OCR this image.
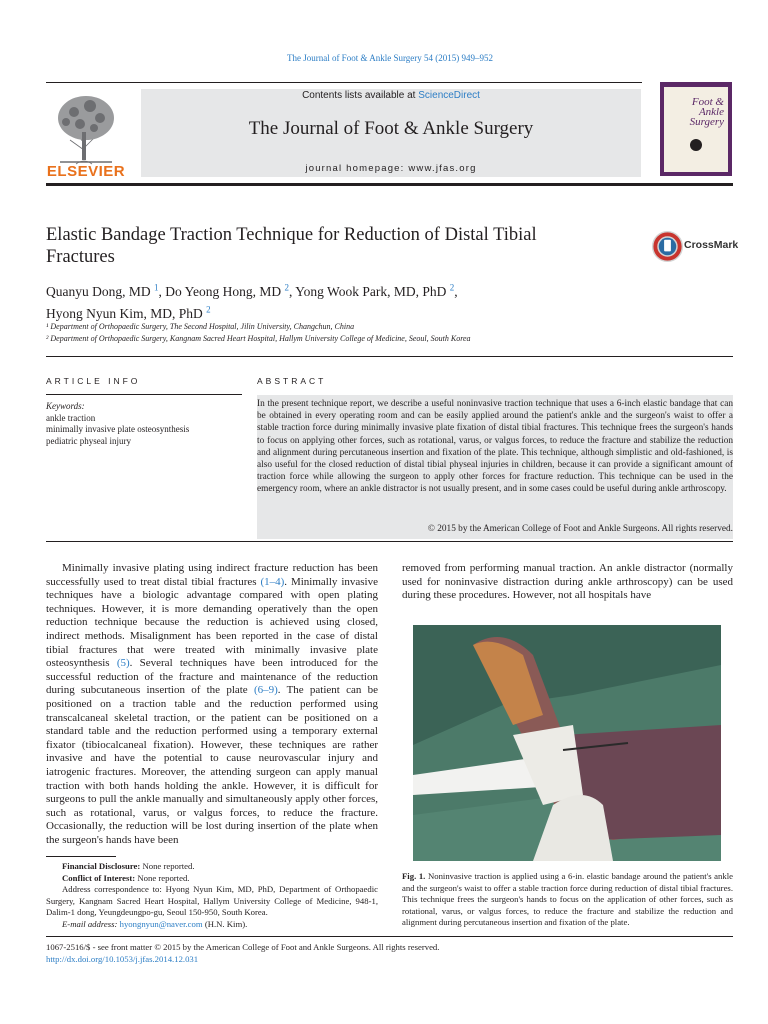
The Journal of Foot & Ankle Surgery 54 (2015) 949–952
ELSEVIER
Contents lists available at ScienceDirect
The Journal of Foot & Ankle Surgery
journal homepage: www.jfas.org
Foot & Ankle Surgery
Elastic Bandage Traction Technique for Reduction of Distal Tibial Fractures
CrossMark
Quanyu Dong, MD $^1$, Do Yeong Hong, MD $^2$, Yong Wook Park, MD, PhD $^2$,
Hyong Nyun Kim, MD, PhD $^2$
¹ Department of Orthopaedic Surgery, The Second Hospital, Jilin University, Changchun, China
² Department of Orthopaedic Surgery, Kangnam Sacred Heart Hospital, Hallym University College of Medicine, Seoul, South Korea
ARTICLE INFO
Keywords:
ankle traction
minimally invasive plate osteosynthesis
pediatric physeal injury
ABSTRACT
In the present technique report, we describe a useful noninvasive traction technique that uses a 6-inch elastic bandage that can be obtained in every operating room and can be easily applied around the patient's ankle and the surgeon's waist to offer a stable traction force during minimally invasive plate fixation of distal tibial fractures. This technique frees the surgeon's hands to focus on applying other forces, such as rotational, varus, or valgus forces, to reduce the fracture and stabilize the reduction and alignment during percutaneous insertion and fixation of the plate. This technique, although simplistic and old-fashioned, is also useful for the closed reduction of distal tibial physeal injuries in children, because it can provide a significant amount of traction force while allowing the surgeon to apply other forces for fracture reduction. This technique can be used in the emergency room, where an ankle distractor is not usually present, and in some cases could be useful during ankle arthroscopy.
© 2015 by the American College of Foot and Ankle Surgeons. All rights reserved.

Minimally invasive plating using indirect fracture reduction has been successfully used to treat distal tibial fractures (1–4). Minimally invasive techniques have a biologic advantage compared with open plating techniques. However, it is more demanding operatively than the open reduction technique because the reduction is achieved using closed, indirect methods. Misalignment has been reported in the case of distal tibial fractures that were treated with minimally invasive plate osteosynthesis (5). Several techniques have been introduced for the successful reduction of the fracture and maintenance of the reduction during subcutaneous insertion of the plate (6–9). The patient can be positioned on a traction table and the reduction performed using transcalcaneal skeletal traction, or the patient can be positioned on a standard table and the reduction performed using a temporary external fixator (tibiocalcaneal fixation). However, these techniques are rather invasive and have the potential to cause neurovascular injury and iatrogenic fractures. Moreover, the attending surgeon can apply manual traction with both hands holding the ankle. However, it is difficult for surgeons to pull the ankle manually and simultaneously apply other forces, such as rotational, varus, or valgus forces, to reduce the fracture. Occasionally, the reduction will be lost during insertion of the plate when the surgeon's hands have been

removed from performing manual traction. An ankle distractor (normally used for noninvasive distraction during ankle arthroscopy) can be used during these procedures. However, not all hospitals have

Financial Disclosure: None reported.

Conflict of Interest: None reported.

Address correspondence to: Hyong Nyun Kim, MD, PhD, Department of Orthopaedic Surgery, Kangnam Sacred Heart Hospital, Hallym University College of Medicine, 948-1, Dalim-1 dong, Yeungdeungpo-gu, Seoul 150-950, South Korea.

E-mail address: hyongnyun@naver.com (H.N. Kim).

Fig. 1. Noninvasive traction is applied using a 6-in. elastic bandage around the patient's ankle and the surgeon's waist to offer a stable traction force during reduction of distal tibial fractures. This technique frees the surgeon's hands to focus on the application of other forces, such as rotational, varus, or valgus forces, to reduce the fracture and stabilize the reduction and alignment during percutaneous insertion and fixation of the plate.
1067-2516/$ - see front matter © 2015 by the American College of Foot and Ankle Surgeons. All rights reserved.
http://dx.doi.org/10.1053/j.jfas.2014.12.031
